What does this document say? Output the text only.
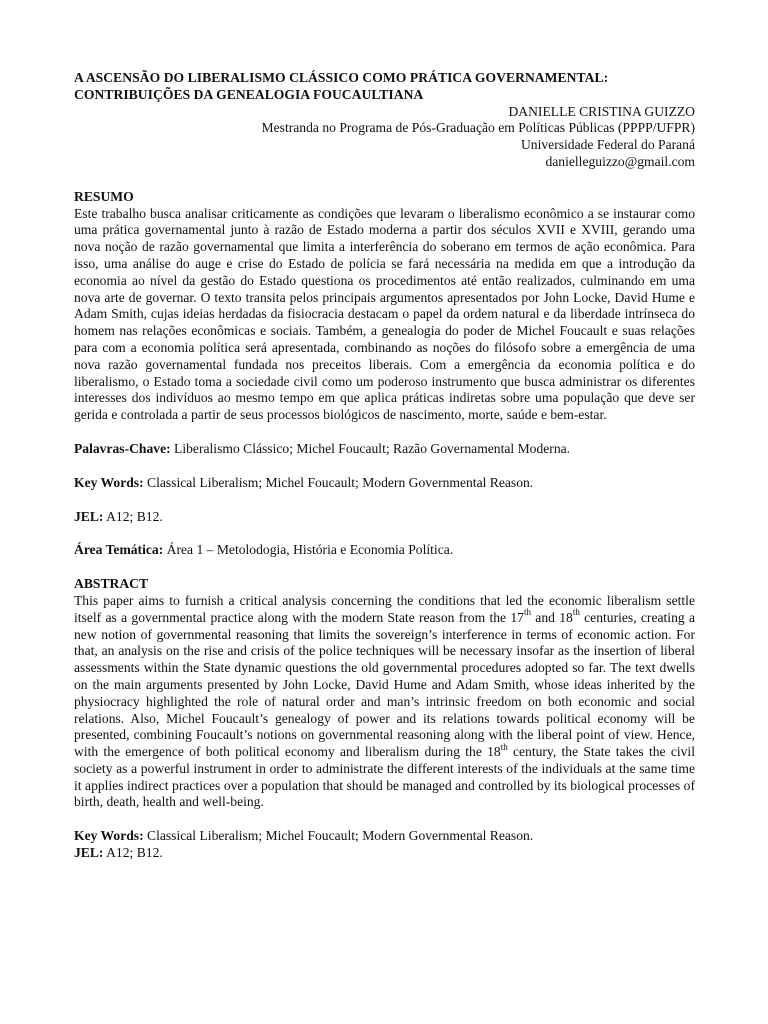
A ASCENSÃO DO LIBERALISMO CLÁSSICO COMO PRÁTICA GOVERNAMENTAL:
CONTRIBUIÇÕES DA GENEALOGIA FOUCAULTIANA

DANIELLE CRISTINA GUIZZO

Mestranda no Programa de Pós-Graduação em Políticas Públicas (PPPP/UFPR)

Universidade Federal do Paraná

danielleguizzo@gmail.com

RESUMO

Este trabalho busca analisar criticamente as condições que levaram o liberalismo econômico a se instaurar como uma prática governamental junto à razão de Estado moderna a partir dos séculos XVII e XVIII, gerando uma nova noção de razão governamental que limita a interferência do soberano em termos de ação econômica. Para isso, uma análise do auge e crise do Estado de polícia se fará necessária na medida em que a introdução da economia ao nível da gestão do Estado questiona os procedimentos até então realizados, culminando em uma nova arte de governar. O texto transita pelos principais argumentos apresentados por John Locke, David Hume e Adam Smith, cujas ideias herdadas da fisiocracia destacam o papel da ordem natural e da liberdade intrínseca do homem nas relações econômicas e sociais. Também, a genealogia do poder de Michel Foucault e suas relações para com a economia política será apresentada, combinando as noções do filósofo sobre a emergência de uma nova razão governamental fundada nos preceitos liberais. Com a emergência da economia política e do liberalismo, o Estado toma a sociedade civil como um poderoso instrumento que busca administrar os diferentes interesses dos indivíduos ao mesmo tempo em que aplica práticas indiretas sobre uma população que deve ser gerida e controlada a partir de seus processos biológicos de nascimento, morte, saúde e bem-estar.

Palavras-Chave: Liberalismo Clássico; Michel Foucault; Razão Governamental Moderna.

Key Words: Classical Liberalism; Michel Foucault; Modern Governmental Reason.

JEL: A12; B12.

Área Temática: Área 1 – Metolodogia, História e Economia Política.

ABSTRACT

This paper aims to furnish a critical analysis concerning the conditions that led the economic liberalism settle itself as a governmental practice along with the modern State reason from the 17th and 18th centuries, creating a new notion of governmental reasoning that limits the sovereign’s interference in terms of economic action. For that, an analysis on the rise and crisis of the police techniques will be necessary insofar as the insertion of liberal assessments within the State dynamic questions the old governmental procedures adopted so far. The text dwells on the main arguments presented by John Locke, David Hume and Adam Smith, whose ideas inherited by the physiocracy highlighted the role of natural order and man’s intrinsic freedom on both economic and social relations. Also, Michel Foucault’s genealogy of power and its relations towards political economy will be presented, combining Foucault’s notions on governmental reasoning along with the liberal point of view. Hence, with the emergence of both political economy and liberalism during the 18th century, the State takes the civil society as a powerful instrument in order to administrate the different interests of the individuals at the same time it applies indirect practices over a population that should be managed and controlled by its biological processes of birth, death, health and well-being.

Key Words: Classical Liberalism; Michel Foucault; Modern Governmental Reason.

JEL: A12; B12.
